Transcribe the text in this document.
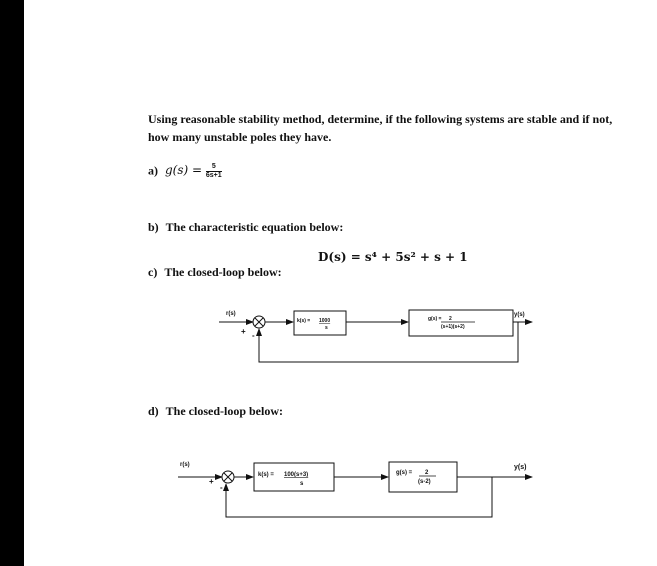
Using reasonable stability method, determine, if the following systems are stable and if not, how many unstable poles they have.
a) $g(s) = \frac{5}{6s+1}$
b) The characteristic equation below:
D(s) = s⁴ + 5s² + s + 1
c) The closed-loop below:
r(s)
+ -
k(s) = 1000
s
g(s) = 2
(s+1)(s+2)
y(s)
r(s)
+
-
k(s) = 100(s+3)
s
g(s) = 2
(s-2)
y(s)
d) The closed-loop below:
